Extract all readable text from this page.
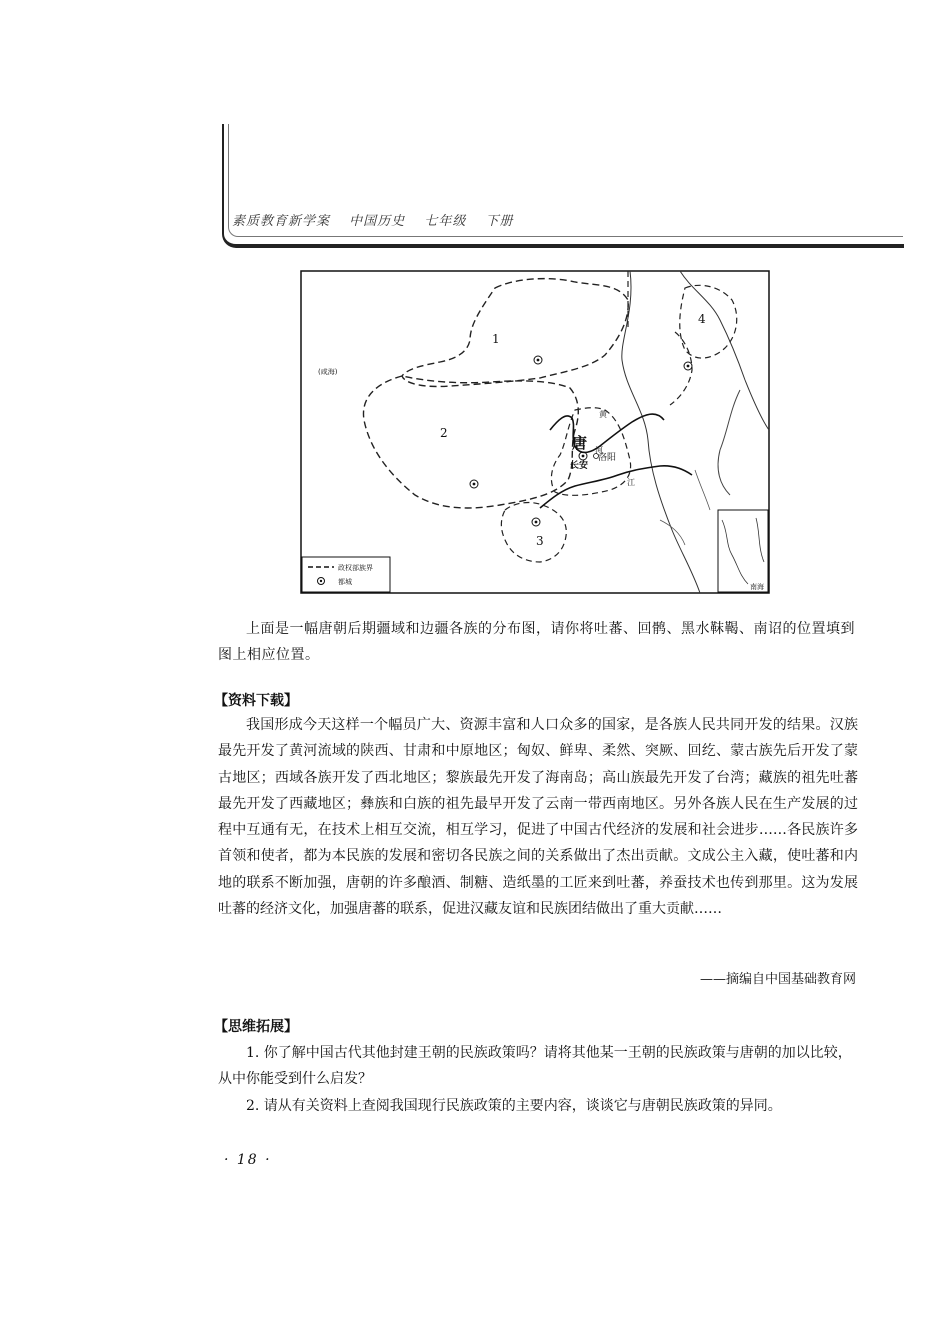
素质教育新学案 中国历史 七年级 下册
1
2
3
4
唐
长安
洛阳
黄
河
江
(咸海)
政权部族界
都城
南海

上面是一幅唐朝后期疆域和边疆各族的分布图，请你将吐蕃、回鹘、黑水靺鞨、南诏的位置填到图上相应位置。

【资料下载】

我国形成今天这样一个幅员广大、资源丰富和人口众多的国家，是各族人民共同开发的结果。汉族最先开发了黄河流域的陕西、甘肃和中原地区；匈奴、鲜卑、柔然、突厥、回纥、蒙古族先后开发了蒙古地区；西域各族开发了西北地区；黎族最先开发了海南岛；高山族最先开发了台湾；藏族的祖先吐蕃最先开发了西藏地区；彝族和白族的祖先最早开发了云南一带西南地区。另外各族人民在生产发展的过程中互通有无，在技术上相互交流，相互学习，促进了中国古代经济的发展和社会进步……各民族许多首领和使者，都为本民族的发展和密切各民族之间的关系做出了杰出贡献。文成公主入藏，使吐蕃和内地的联系不断加强，唐朝的许多酿酒、制糖、造纸墨的工匠来到吐蕃，养蚕技术也传到那里。这为发展吐蕃的经济文化，加强唐蕃的联系，促进汉藏友谊和民族团结做出了重大贡献……

——摘编自中国基础教育网

【思维拓展】

1. 你了解中国古代其他封建王朝的民族政策吗？请将其他某一王朝的民族政策与唐朝的加以比较，从中你能受到什么启发？

2. 请从有关资料上查阅我国现行民族政策的主要内容，谈谈它与唐朝民族政策的异同。

· 18 ·
